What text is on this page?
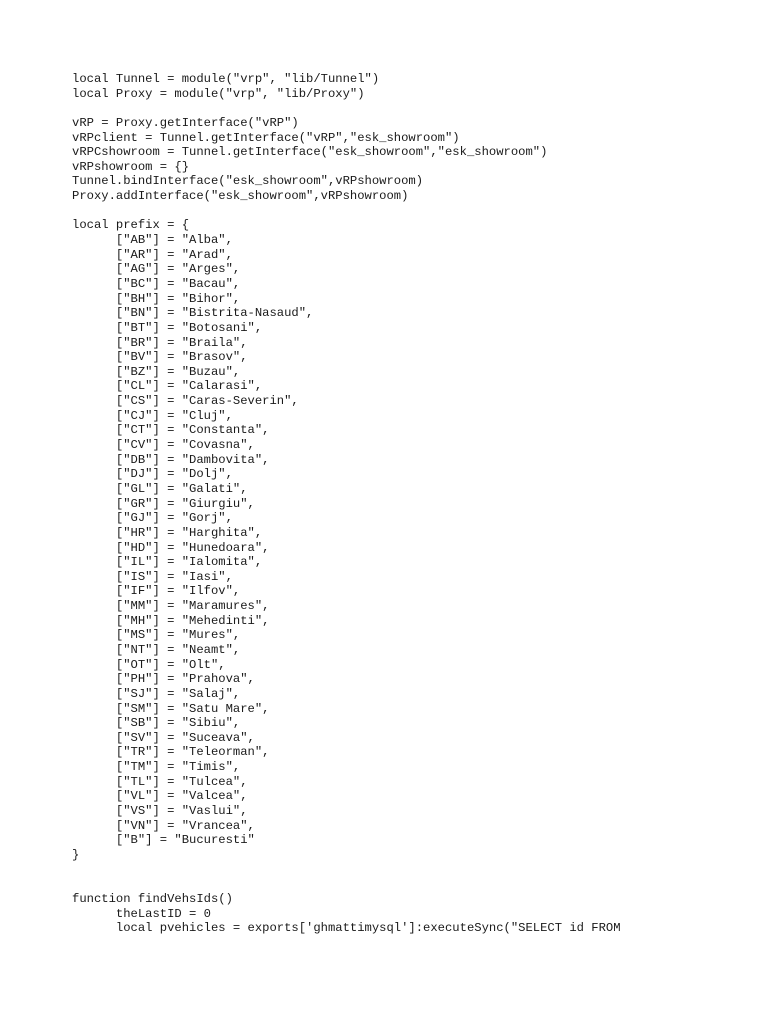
local Tunnel = module("vrp", "lib/Tunnel")
local Proxy = module("vrp", "lib/Proxy")
vRP = Proxy.getInterface("vRP")
vRPclient = Tunnel.getInterface("vRP","esk_showroom")
vRPCshowroom = Tunnel.getInterface("esk_showroom","esk_showroom")
vRPshowroom = {}
Tunnel.bindInterface("esk_showroom",vRPshowroom)
Proxy.addInterface("esk_showroom",vRPshowroom)
local prefix = {
["AB"] = "Alba",
["AR"] = "Arad",
["AG"] = "Arges",
["BC"] = "Bacau",
["BH"] = "Bihor",
["BN"] = "Bistrita-Nasaud",
["BT"] = "Botosani",
["BR"] = "Braila",
["BV"] = "Brasov",
["BZ"] = "Buzau",
["CL"] = "Calarasi",
["CS"] = "Caras-Severin",
["CJ"] = "Cluj",
["CT"] = "Constanta",
["CV"] = "Covasna",
["DB"] = "Dambovita",
["DJ"] = "Dolj",
["GL"] = "Galati",
["GR"] = "Giurgiu",
["GJ"] = "Gorj",
["HR"] = "Harghita",
["HD"] = "Hunedoara",
["IL"] = "Ialomita",
["IS"] = "Iasi",
["IF"] = "Ilfov",
["MM"] = "Maramures",
["MH"] = "Mehedinti",
["MS"] = "Mures",
["NT"] = "Neamt",
["OT"] = "Olt",
["PH"] = "Prahova",
["SJ"] = "Salaj",
["SM"] = "Satu Mare",
["SB"] = "Sibiu",
["SV"] = "Suceava",
["TR"] = "Teleorman",
["TM"] = "Timis",
["TL"] = "Tulcea",
["VL"] = "Valcea",
["VS"] = "Vaslui",
["VN"] = "Vrancea",
["B"] = "Bucuresti"
}
function findVehsIds()
theLastID = 0
local pvehicles = exports['ghmattimysql']:executeSync("SELECT id FROM
